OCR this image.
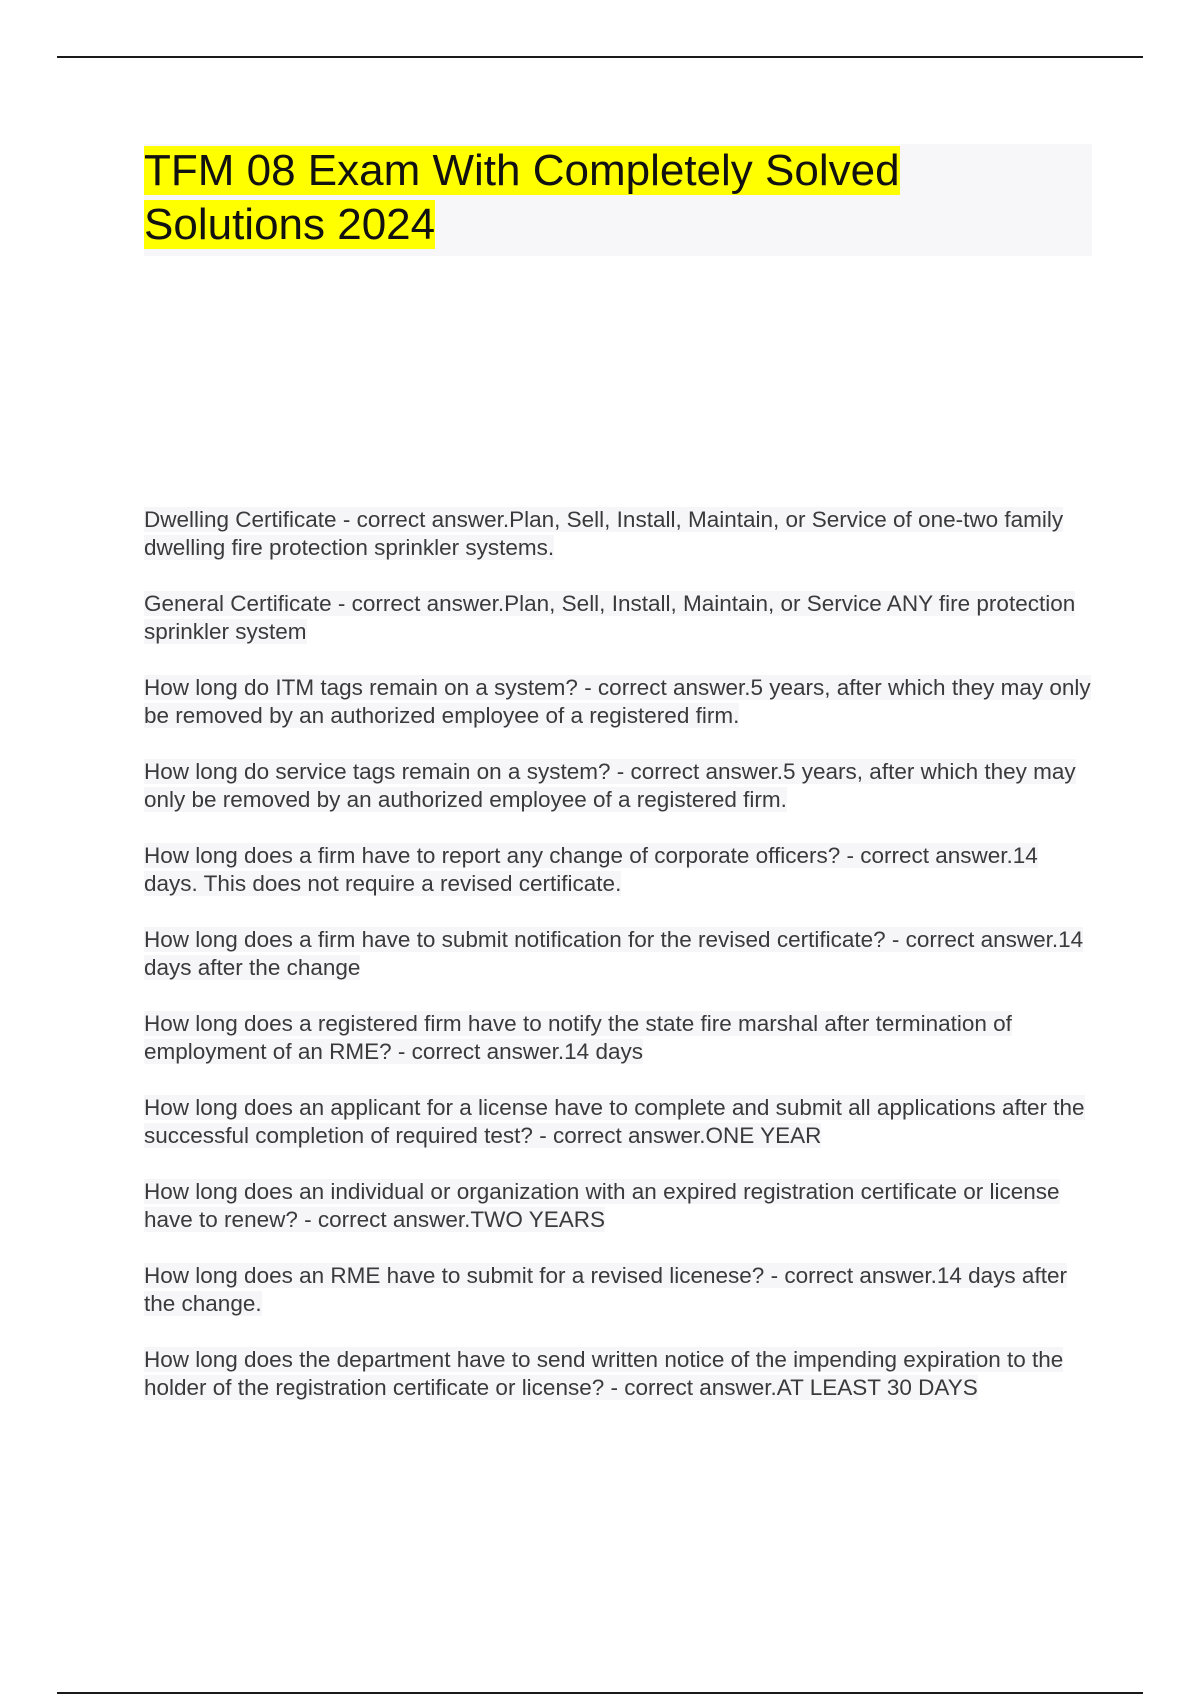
TFM 08 Exam With Completely Solved Solutions 2024
Dwelling Certificate - correct answer.Plan, Sell, Install, Maintain, or Service of one-two family dwelling fire protection sprinkler systems.
General Certificate - correct answer.Plan, Sell, Install, Maintain, or Service ANY fire protection sprinkler system
How long do ITM tags remain on a system? - correct answer.5 years, after which they may only be removed by an authorized employee of a registered firm.
How long do service tags remain on a system? - correct answer.5 years, after which they may only be removed by an authorized employee of a registered firm.
How long does a firm have to report any change of corporate officers? - correct answer.14 days. This does not require a revised certificate.
How long does a firm have to submit notification for the revised certificate? - correct answer.14 days after the change
How long does a registered firm have to notify the state fire marshal after termination of employment of an RME? - correct answer.14 days
How long does an applicant for a license have to complete and submit all applications after the successful completion of required test? - correct answer.ONE YEAR
How long does an individual or organization with an expired registration certificate or license have to renew? - correct answer.TWO YEARS
How long does an RME have to submit for a revised licenese? - correct answer.14 days after the change.
How long does the department have to send written notice of the impending expiration to the holder of the registration certificate or license? - correct answer.AT LEAST 30 DAYS
